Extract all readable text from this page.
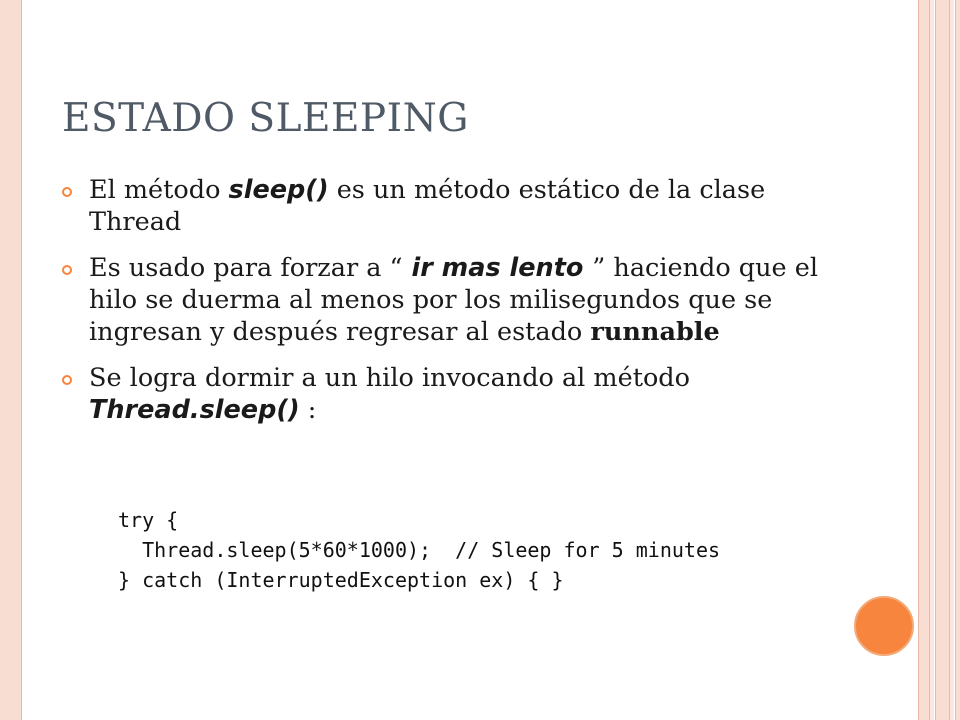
ESTADO SLEEPING
El método sleep() es un método estático de la clase Thread
Es usado para forzar a “ ir mas lento ” haciendo que el hilo se duerma al menos por los milisegundos que se ingresan y después regresar al estado runnable
Se logra dormir a un hilo invocando al método Thread.sleep() :
try {
Thread.sleep(5*60*1000);  // Sleep for 5 minutes
} catch (InterruptedException ex) { }
